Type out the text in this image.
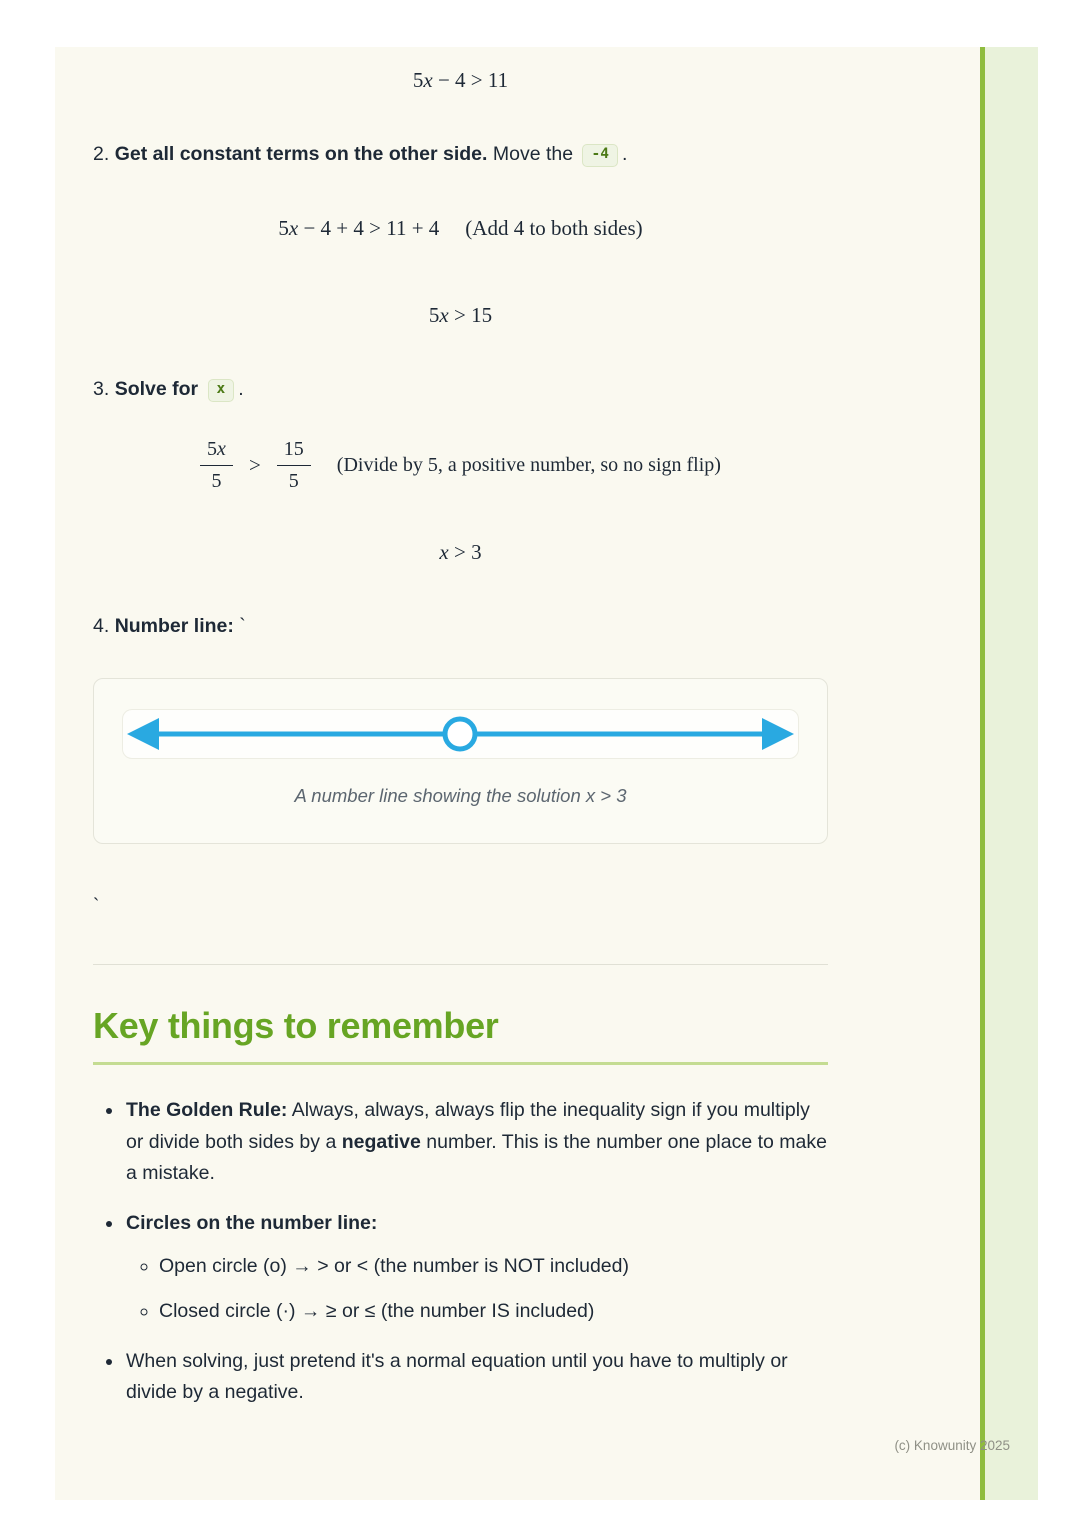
5x − 4 > 11
2. Get all constant terms on the other side. Move the -4 .
5x − 4 + 4 > 11 + 4 (Add 4 to both sides)
5x > 15
3. Solve for x .
$\frac{5x}{5} > \frac{15}{5}$ (Divide by 5, a positive number, so no sign flip)
x > 3
4. Number line: `
A number line showing the solution x > 3
`
Key things to remember
• The Golden Rule: Always, always, always flip the inequality sign if you multiply or divide both sides by a negative number. This is the number one place to make a mistake.
• Circles on the number line:
◦ Open circle (o) → > or < (the number is NOT included)
◦ Closed circle (·) → ≥ or ≤ (the number IS included)
• When solving, just pretend it's a normal equation until you have to multiply or divide by a negative.
(c) Knowunity 2025
